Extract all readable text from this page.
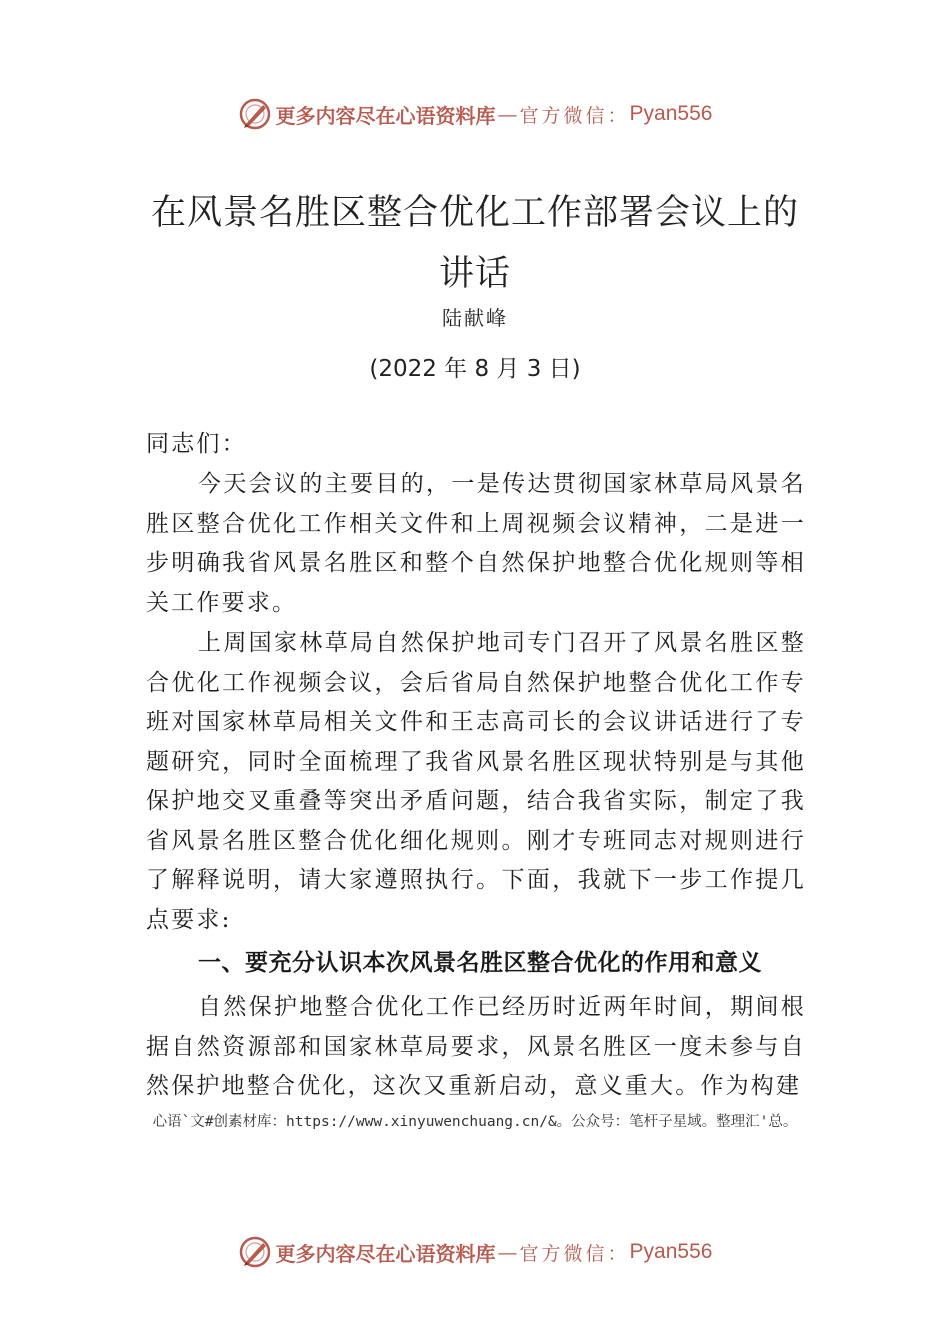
更多内容尽在心语资料库 — 官方微信： Pyan556
在风景名胜区整合优化工作部署会议上的
讲话
陆献峰
(2022 年 8 月 3 日)
同志们：
今天会议的主要目的，一是传达贯彻国家林草局风景名胜区整合优化工作相关文件和上周视频会议精神，二是进一步明确我省风景名胜区和整个自然保护地整合优化规则等相关工作要求。
上周国家林草局自然保护地司专门召开了风景名胜区整合优化工作视频会议，会后省局自然保护地整合优化工作专班对国家林草局相关文件和王志高司长的会议讲话进行了专题研究，同时全面梳理了我省风景名胜区现状特别是与其他保护地交叉重叠等突出矛盾问题，结合我省实际，制定了我省风景名胜区整合优化细化规则。刚才专班同志对规则进行了解释说明，请大家遵照执行。下面，我就下一步工作提几点要求:
一、要充分认识本次风景名胜区整合优化的作用和意义
自然保护地整合优化工作已经历时近两年时间，期间根据自然资源部和国家林草局要求，风景名胜区一度未参与自然保护地整合优化，这次又重新启动，意义重大。作为构建
心语`文#创素材库：https://www.xinyuwenchuang.cn/&。公众号：笔杆子星域。整理汇'总。
更多内容尽在心语资料库 — 官方微信： Pyan556
